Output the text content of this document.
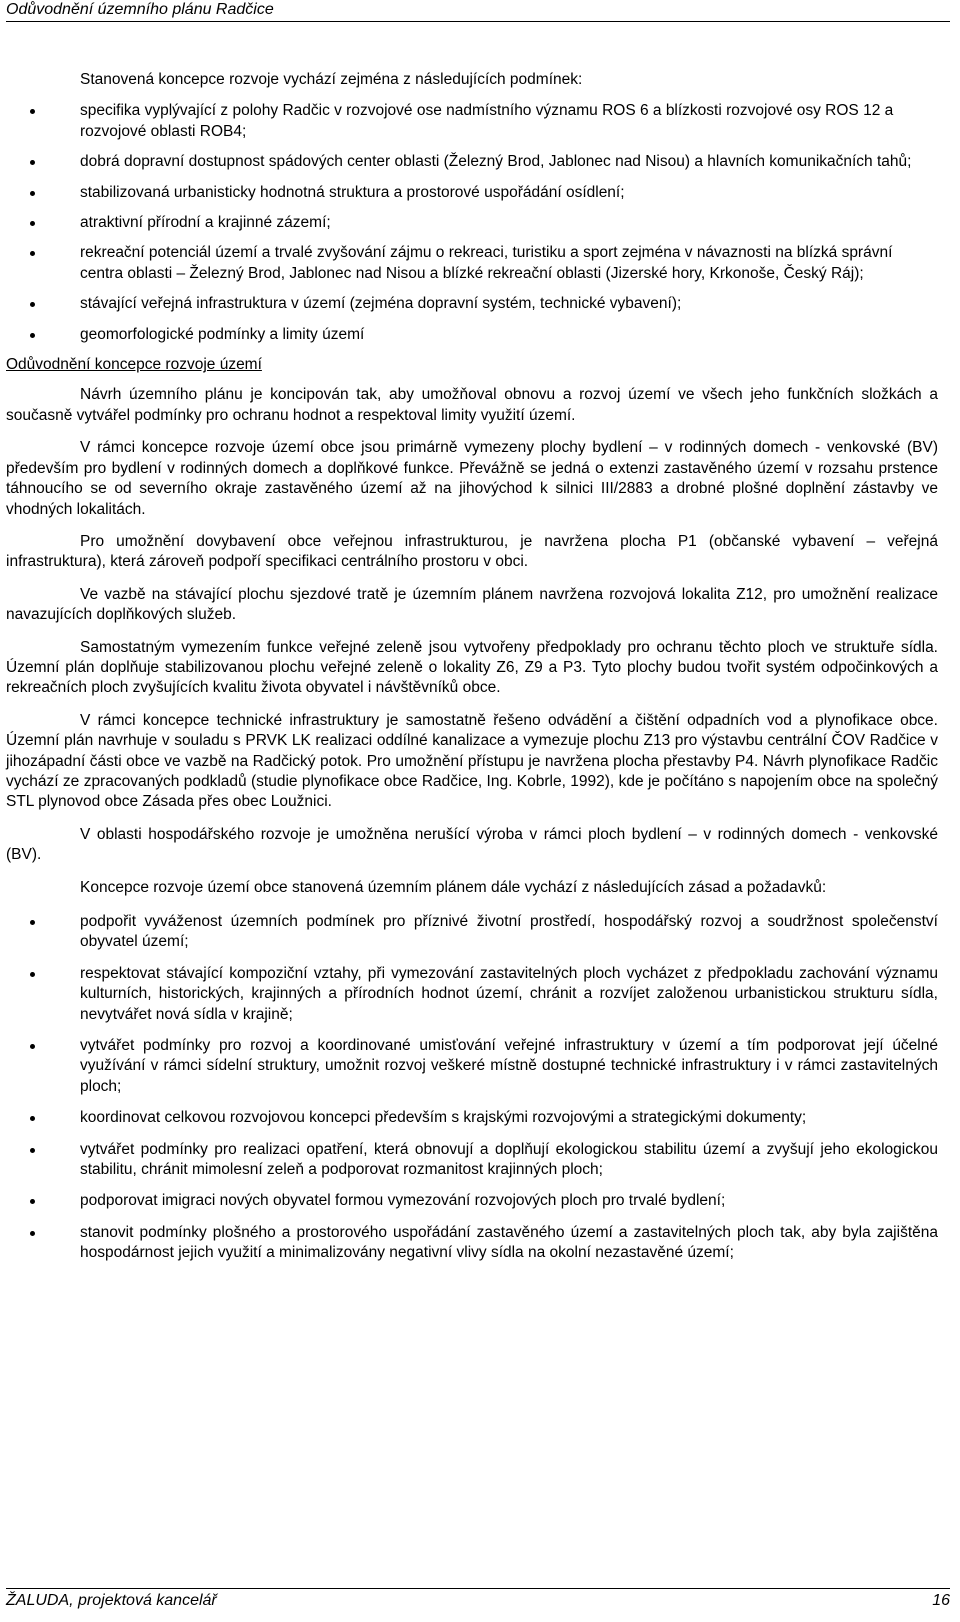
Odůvodnění územního plánu Radčice

Stanovená koncepce rozvoje vychází zejména z následujících podmínek:

specifika vyplývající z polohy Radčic v rozvojové ose nadmístního významu ROS 6 a blízkosti rozvojové osy ROS 12 a rozvojové oblasti ROB4;
dobrá dopravní dostupnost spádových center oblasti (Železný Brod, Jablonec nad Nisou) a hlavních komunikačních tahů;
stabilizovaná urbanisticky hodnotná struktura a prostorové uspořádání osídlení;
atraktivní přírodní a krajinné zázemí;
rekreační potenciál území a trvalé zvyšování zájmu o rekreaci, turistiku a sport zejména v návaznosti na blízká správní centra oblasti – Železný Brod, Jablonec nad Nisou a blízké rekreační oblasti (Jizerské hory, Krkonoše, Český Ráj);
stávající veřejná infrastruktura v území (zejména dopravní systém, technické vybavení);
geomorfologické podmínky a limity území

Odůvodnění koncepce rozvoje území

Návrh územního plánu je koncipován tak, aby umožňoval obnovu a rozvoj území ve všech jeho funkčních složkách a současně vytvářel podmínky pro ochranu hodnot a respektoval limity využití území.

V rámci koncepce rozvoje území obce jsou primárně vymezeny plochy bydlení – v rodinných domech - venkovské (BV) především pro bydlení v rodinných domech a doplňkové funkce. Převážně se jedná o extenzi zastavěného území v rozsahu prstence táhnoucího se od severního okraje zastavěného území až na jihovýchod k silnici III/2883 a drobné plošné doplnění zástavby ve vhodných lokalitách.

Pro umožnění dovybavení obce veřejnou infrastrukturou, je navržena plocha P1 (občanské vybavení – veřejná infrastruktura), která zároveň podpoří specifikaci centrálního prostoru v obci.

Ve vazbě na stávající plochu sjezdové tratě je územním plánem navržena rozvojová lokalita Z12, pro umožnění realizace navazujících doplňkových služeb.

Samostatným vymezením funkce veřejné zeleně jsou vytvořeny předpoklady pro ochranu těchto ploch ve struktuře sídla. Územní plán doplňuje stabilizovanou plochu veřejné zeleně o lokality Z6, Z9 a P3. Tyto plochy budou tvořit systém odpočinkových a rekreačních ploch zvyšujících kvalitu života obyvatel i návštěvníků obce.

V rámci koncepce technické infrastruktury je samostatně řešeno odvádění a čištění odpadních vod a plynofikace obce. Územní plán navrhuje v souladu s PRVK LK realizaci oddílné kanalizace a vymezuje plochu Z13 pro výstavbu centrální ČOV Radčice v jihozápadní části obce ve vazbě na Radčický potok. Pro umožnění přístupu je navržena plocha přestavby P4. Návrh plynofikace Radčic vychází ze zpracovaných podkladů (studie plynofikace obce Radčice, Ing. Kobrle, 1992), kde je počítáno s napojením obce na společný STL plynovod obce Zásada přes obec Loužnici.

V oblasti hospodářského rozvoje je umožněna nerušící výroba v rámci ploch bydlení – v rodinných domech - venkovské (BV).

Koncepce rozvoje území obce stanovená územním plánem dále vychází z následujících zásad a požadavků:

podpořit vyváženost územních podmínek pro příznivé životní prostředí, hospodářský rozvoj a soudržnost společenství obyvatel území;
respektovat stávající kompoziční vztahy, při vymezování zastavitelných ploch vycházet z předpokladu zachování významu kulturních, historických, krajinných a přírodních hodnot území, chránit a rozvíjet založenou urbanistickou strukturu sídla, nevytvářet nová sídla v krajině;
vytvářet podmínky pro rozvoj a koordinované umisťování veřejné infrastruktury v území a tím podporovat její účelné využívání v rámci sídelní struktury, umožnit rozvoj veškeré místně dostupné technické infrastruktury i v rámci zastavitelných ploch;
koordinovat celkovou rozvojovou koncepci především s krajskými rozvojovými a strategickými dokumenty;
vytvářet podmínky pro realizaci opatření, která obnovují a doplňují ekologickou stabilitu území a zvyšují jeho ekologickou stabilitu, chránit mimolesní zeleň a podporovat rozmanitost krajinných ploch;
podporovat imigraci nových obyvatel formou vymezování rozvojových ploch pro trvalé bydlení;
stanovit podmínky plošného a prostorového uspořádání zastavěného území a zastavitelných ploch tak, aby byla zajištěna hospodárnost jejich využití a minimalizovány negativní vlivy sídla na okolní nezastavěné území;
ŽALUDA, projektová kancelář	16
